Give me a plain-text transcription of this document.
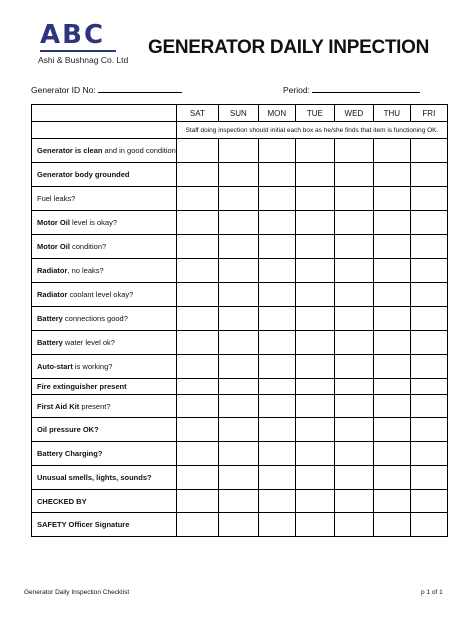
ABC
Ashi & Bushnag Co. Ltd
GENERATOR DAILY INPECTION
Generator ID No:	Period:
	SAT	SUN	MON	TUE	WED	THU	FRI
	Staff doing inspection should initial each box as he/she finds that item is functioning OK.						
Generator is clean and in good condition							
Generator body grounded							
Fuel leaks?							
Motor Oil level is okay?							
Motor Oil condition?							
Radiator, no leaks?							
Radiator coolant level okay?							
Battery connections good?							
Battery water level ok?							
Auto-start is working?							
Fire extinguisher present							
First Aid Kit present?							
Oil pressure OK?							
Battery Charging?							
Unusual smells, lights, sounds?							
CHECKED BY							
SAFETY Officer Signature							
Generator Daily Inspection Checklist	p 1 of 1
